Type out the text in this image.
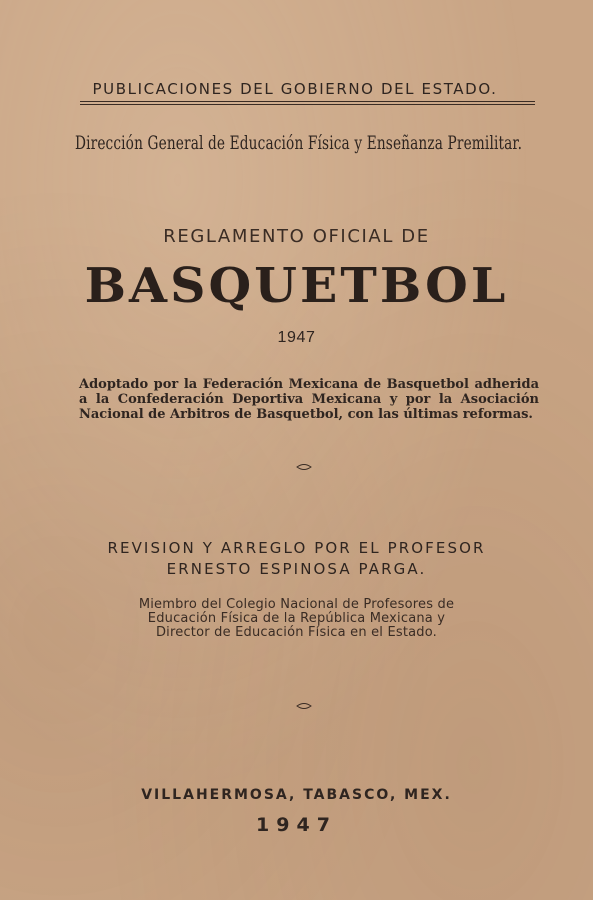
PUBLICACIONES DEL GOBIERNO DEL ESTADO.
Dirección General de Educación Física y Enseñanza Premilitar.
REGLAMENTO OFICIAL DE
BASQUETBOL
1947
Adoptado por la Federación Mexicana de Basquetbol adherida
a la Confederación Deportiva Mexicana y por la Asociación
Nacional de Arbitros de Basquetbol, con las últimas reformas.
REVISION Y ARREGLO POR EL PROFESOR
ERNESTO ESPINOSA PARGA.
Miembro del Colegio Nacional de Profesores de
Educación Física de la República Mexicana y
Director de Educación Física en el Estado.
VILLAHERMOSA, TABASCO, MEX.
1947
